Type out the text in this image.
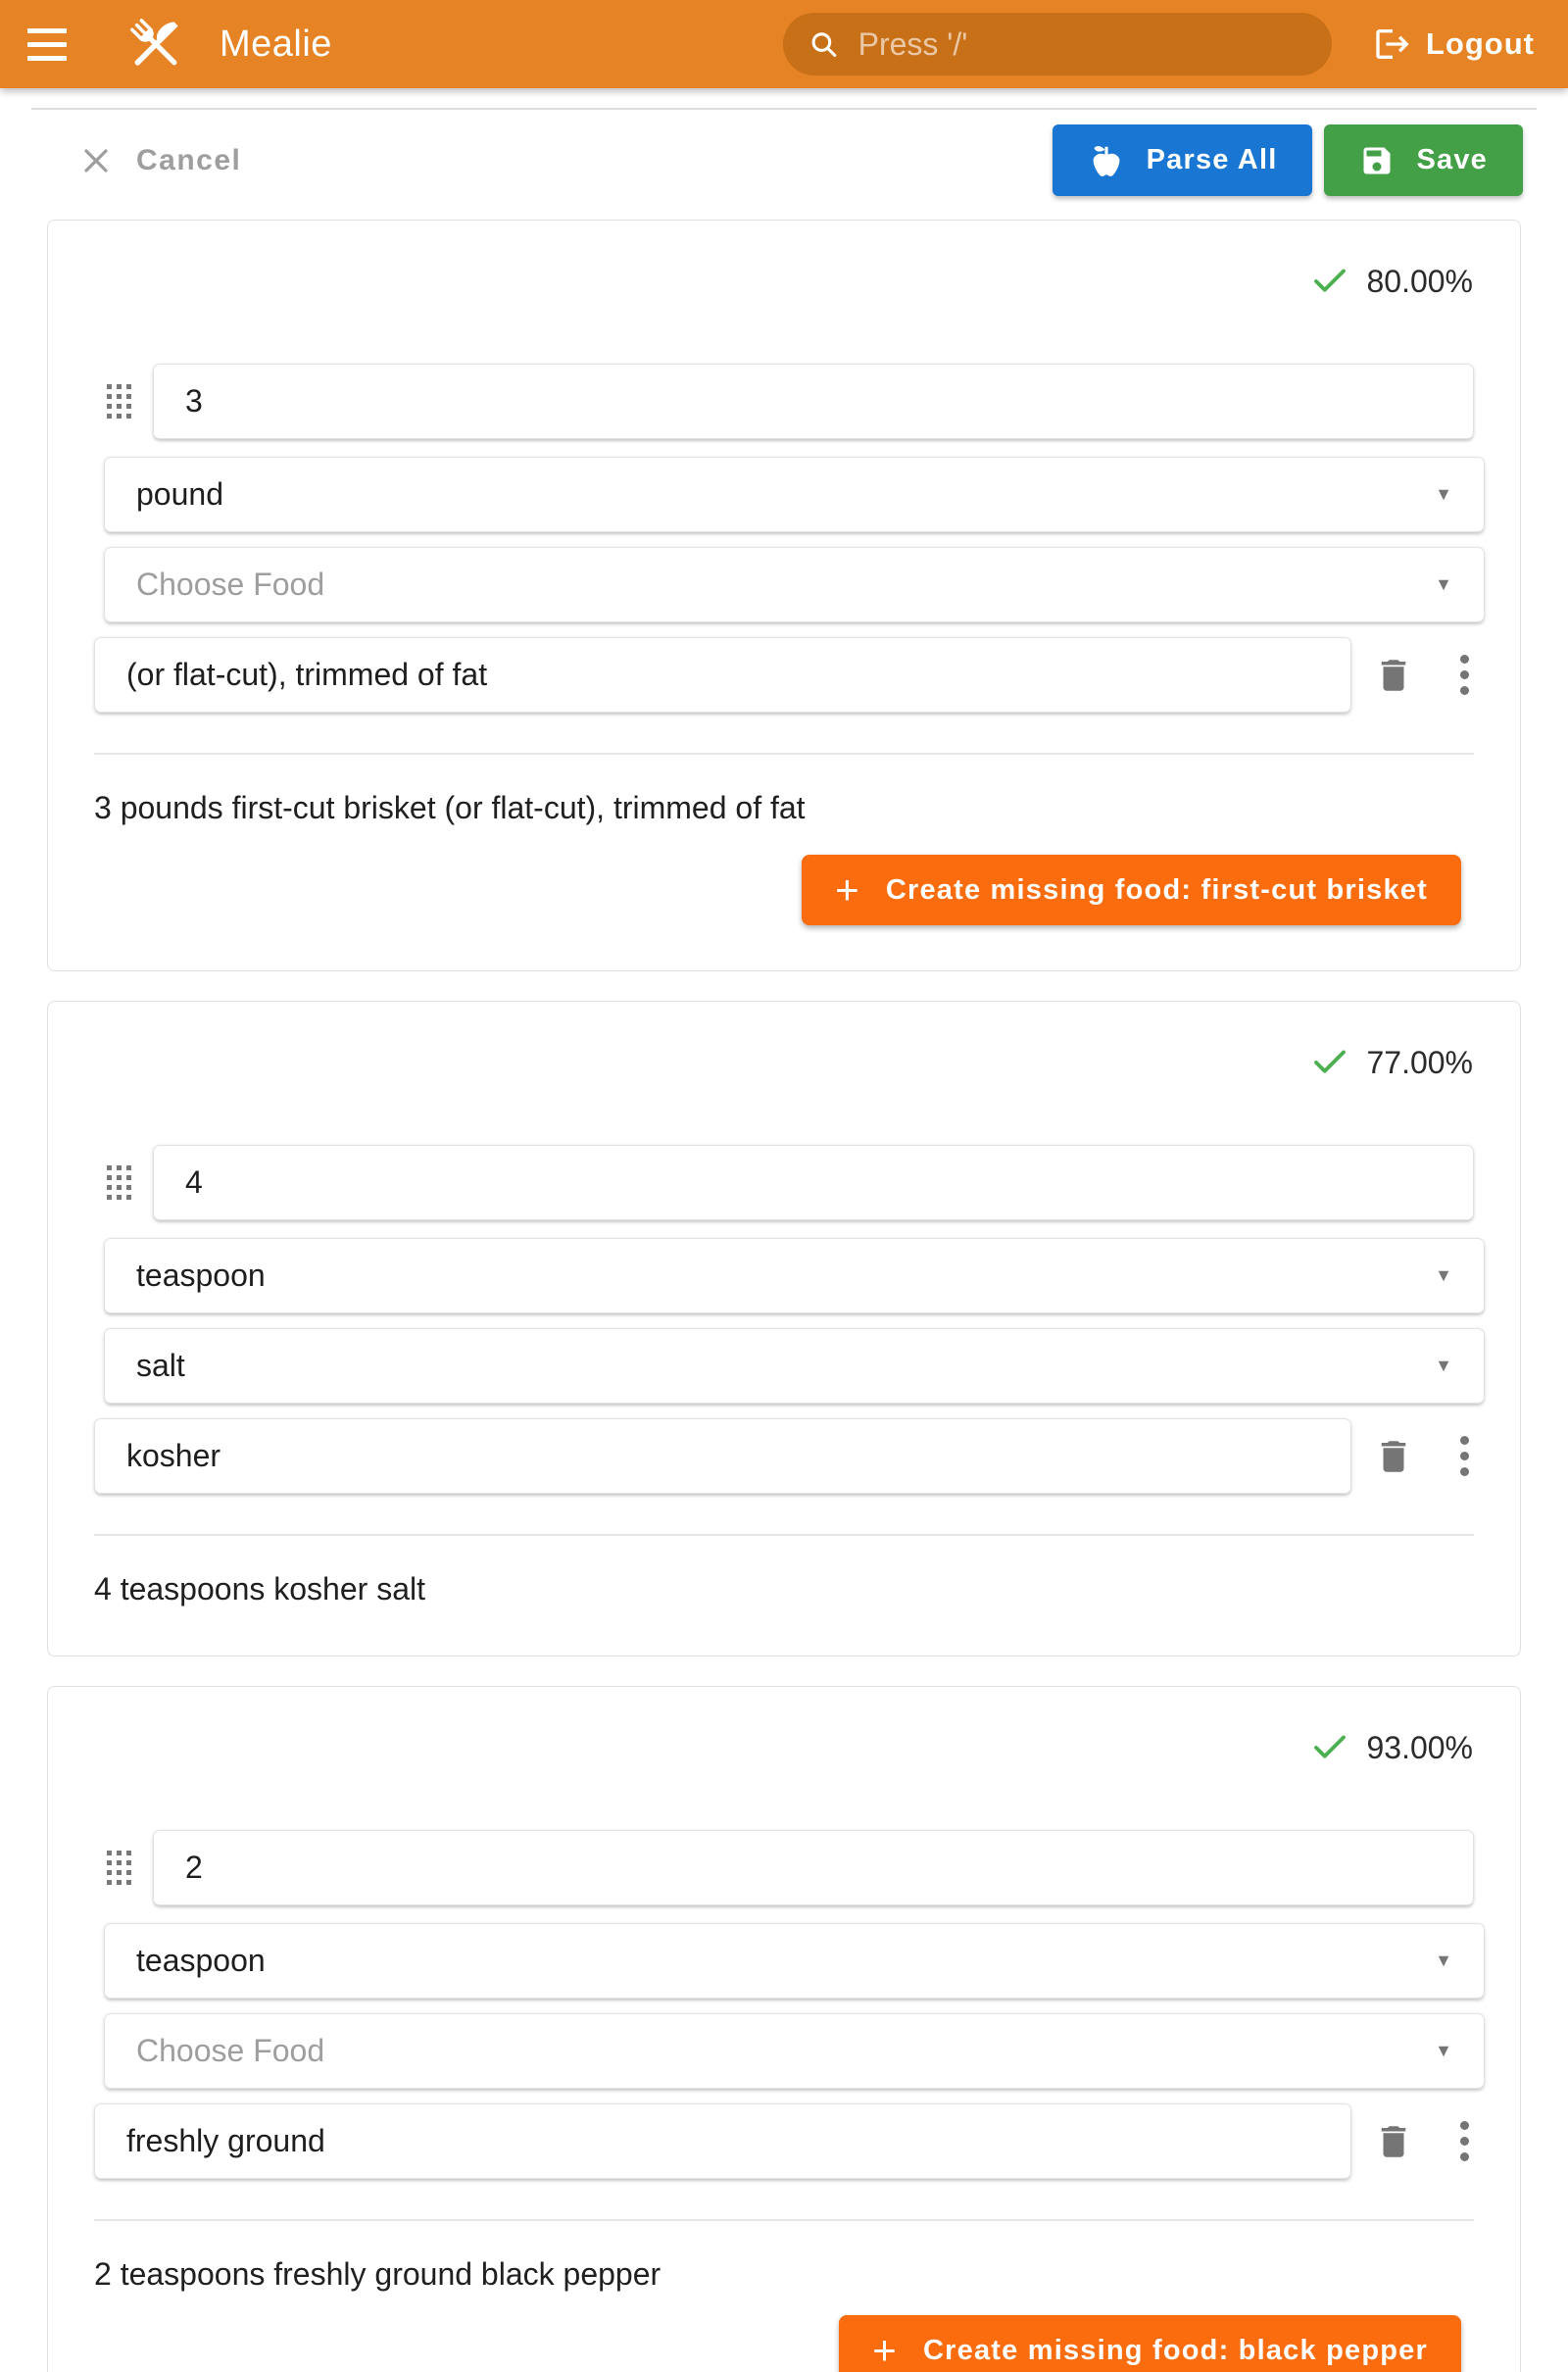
Mealie
Press '/'	Logout
Cancel	Parse All	Save
80.00%
3
pound	▼
Choose Food	▼
(or flat-cut), trimmed of fat
3 pounds first-cut brisket (or flat-cut), trimmed of fat
+ Create missing food: first-cut brisket
77.00%
4
teaspoon	▼
salt	▼
kosher
4 teaspoons kosher salt
93.00%
2
teaspoon	▼
Choose Food	▼
freshly ground
2 teaspoons freshly ground black pepper
+ Create missing food: black pepper
